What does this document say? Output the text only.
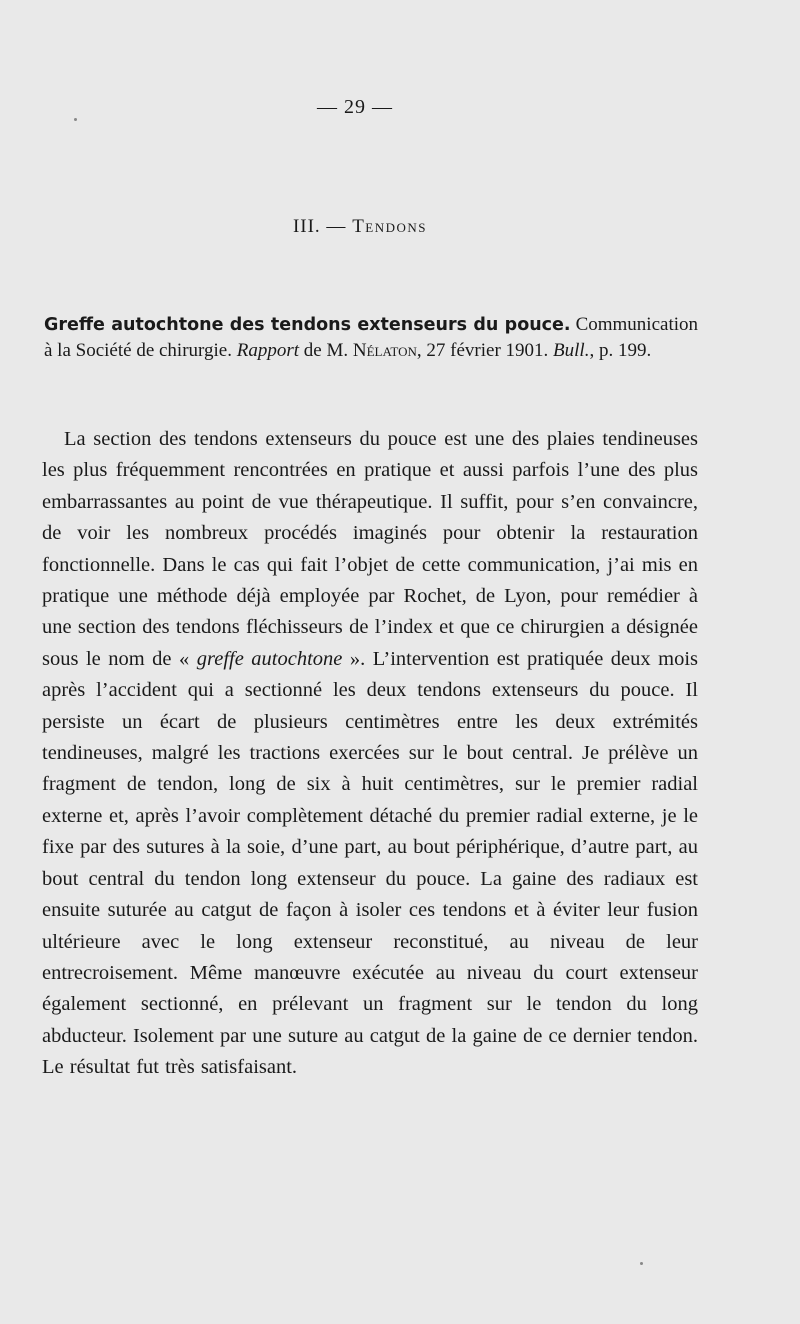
— 29 —
III. — Tendons
Greffe autochtone des tendons extenseurs du pouce. Communication à la Société de chirurgie. Rapport de M. Nélaton, 27 février 1901. Bull., p. 199.

La section des tendons extenseurs du pouce est une des plaies tendineuses les plus fréquemment rencontrées en pratique et aussi parfois l’une des plus embarrassantes au point de vue thérapeutique. Il suffit, pour s’en convaincre, de voir les nombreux procédés imaginés pour obtenir la restauration fonctionnelle. Dans le cas qui fait l’objet de cette communication, j’ai mis en pratique une méthode déjà employée par Rochet, de Lyon, pour remédier à une section des tendons fléchisseurs de l’index et que ce chirurgien a désignée sous le nom de « greffe autochtone ». L’intervention est pratiquée deux mois après l’accident qui a sectionné les deux tendons extenseurs du pouce. Il persiste un écart de plusieurs centimètres entre les deux extrémités tendineuses, malgré les tractions exercées sur le bout central. Je prélève un fragment de tendon, long de six à huit centimètres, sur le premier radial externe et, après l’avoir complètement détaché du premier radial externe, je le fixe par des sutures à la soie, d’une part, au bout périphérique, d’autre part, au bout central du tendon long extenseur du pouce. La gaine des radiaux est ensuite suturée au catgut de façon à isoler ces tendons et à éviter leur fusion ultérieure avec le long extenseur reconstitué, au niveau de leur entrecroisement. Même manœuvre exécutée au niveau du court extenseur également sectionné, en prélevant un fragment sur le tendon du long abducteur. Isolement par une suture au catgut de la gaine de ce dernier tendon. Le résultat fut très satisfaisant.
